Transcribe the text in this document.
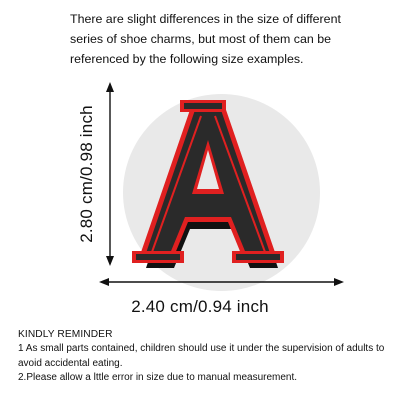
There are slight differences in the size of different
series of shoe charms, but most of them can be
referenced by the following size examples.
2.80 cm/0.98 inch
2.40 cm/0.94 inch
KINDLY REMINDER
1 As small parts contained, children should use it under the supervision of adults to
avoid accidental eating.
2.Please allow a lttle error in size due to manual measurement.
